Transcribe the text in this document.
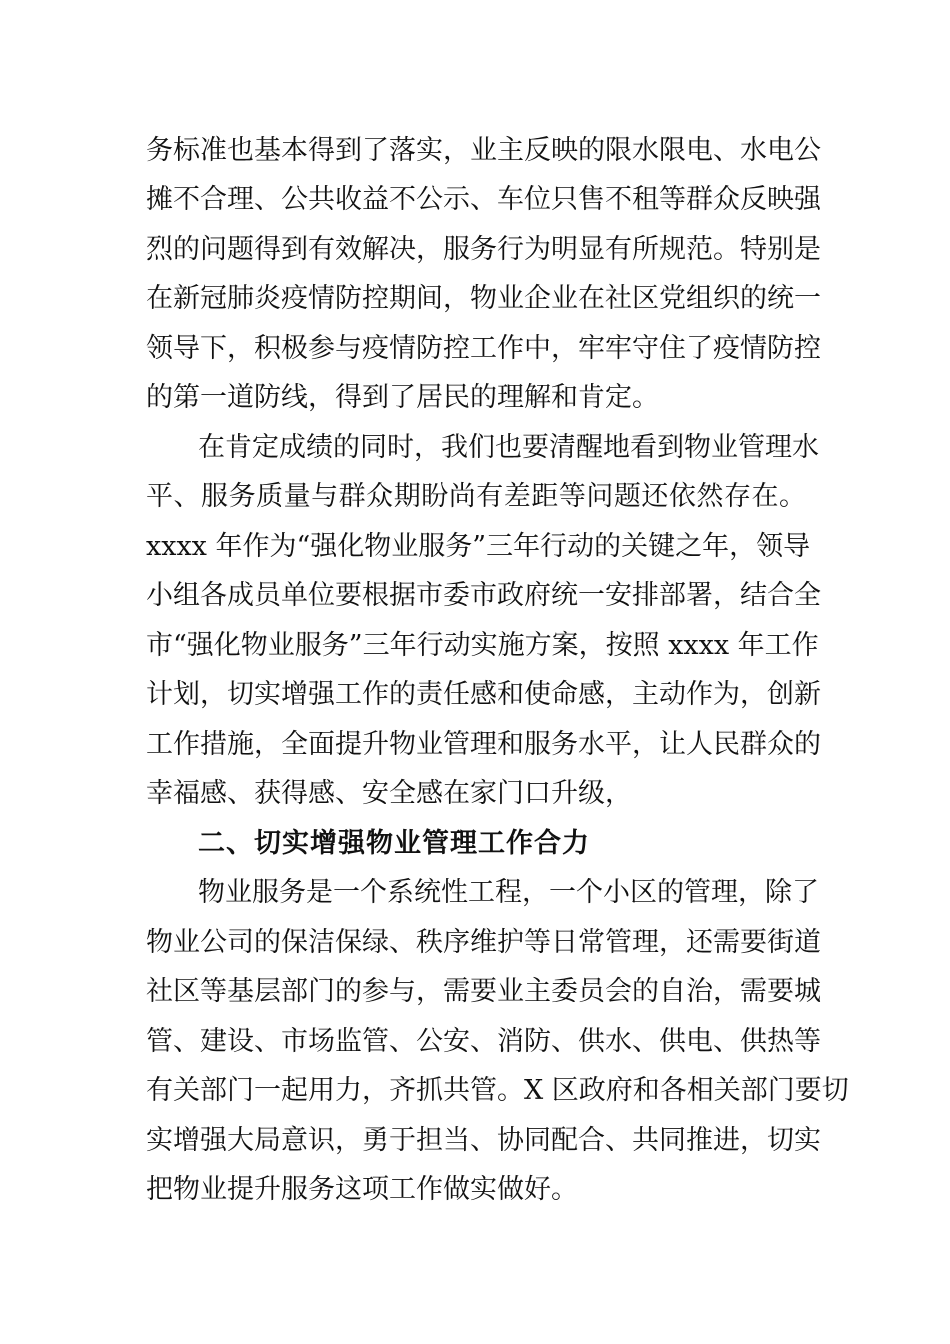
务标准也基本得到了落实，业主反映的限水限电、水电公
摊不合理、公共收益不公示、车位只售不租等群众反映强
烈的问题得到有效解决，服务行为明显有所规范。特别是
在新冠肺炎疫情防控期间，物业企业在社区党组织的统一
领导下，积极参与疫情防控工作中，牢牢守住了疫情防控
的第一道防线，得到了居民的理解和肯定。
在肯定成绩的同时，我们也要清醒地看到物业管理水
平、服务质量与群众期盼尚有差距等问题还依然存在。
xxxx 年作为“强化物业服务”三年行动的关键之年，领导
小组各成员单位要根据市委市政府统一安排部署，结合全
市“强化物业服务”三年行动实施方案，按照 xxxx 年工作
计划，切实增强工作的责任感和使命感，主动作为，创新
工作措施，全面提升物业管理和服务水平，让人民群众的
幸福感、获得感、安全感在家门口升级，
二、切实增强物业管理工作合力
物业服务是一个系统性工程，一个小区的管理，除了
物业公司的保洁保绿、秩序维护等日常管理，还需要街道
社区等基层部门的参与，需要业主委员会的自治，需要城
管、建设、市场监管、公安、消防、供水、供电、供热等
有关部门一起用力，齐抓共管。X 区政府和各相关部门要切
实增强大局意识，勇于担当、协同配合、共同推进，切实
把物业提升服务这项工作做实做好。
